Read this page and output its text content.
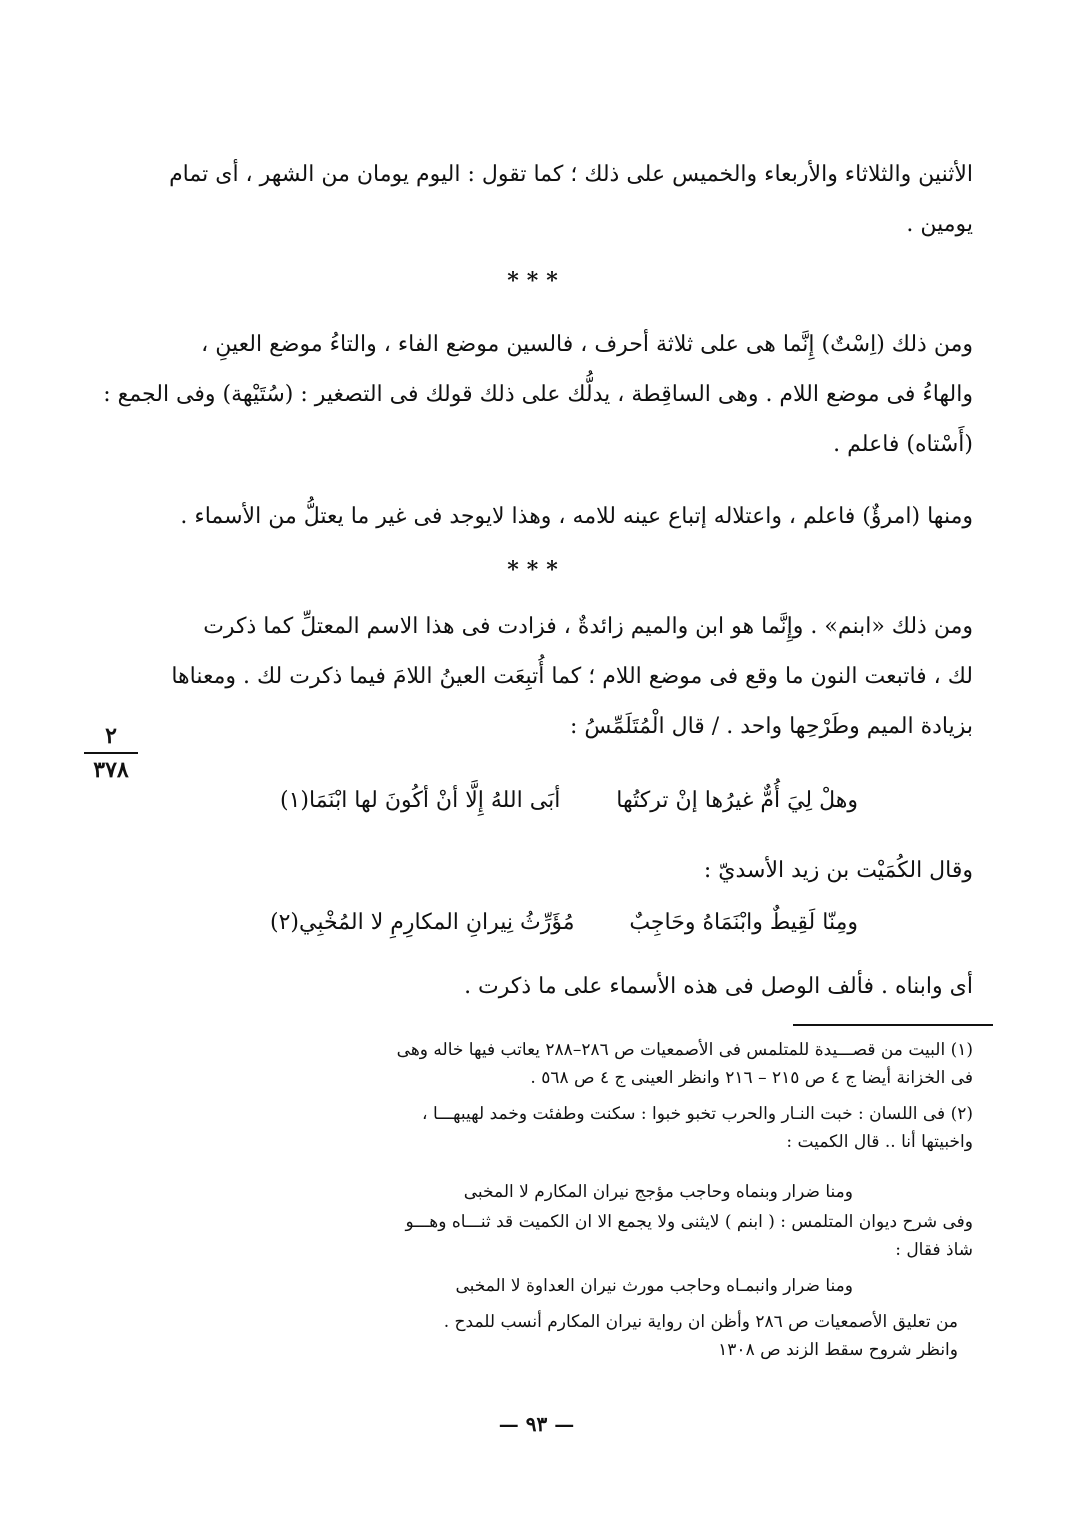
الأثنين والثلاثاء والأربعاء والخميس على ذلك ؛ كما تقول : اليوم يومان من الشهر ، أى تمام
يومين .
***
ومن ذلك (اِسْتٌ) إِنَّما هى على ثلاثة أحرف ، فالسين موضع الفاء ، والتاءُ موضع العينِ ،
والهاءُ فى موضع اللام . وهى الساقِطة ، يدلُّك على ذلك قولك فى التصغير : (سُتَيْهة) وفى الجمع :
(أَسْتاه) فاعلم .
ومنها (امرؤٌ) فاعلم ، واعتلاله إتباع عينه للامه ، وهذا لايوجد فى غير ما يعتلُّ من الأسماء .
***
ومن ذلك «ابنم» . وإِنَّما هو ابن والميم زائدةٌ ، فزادت فى هذا الاسم المعتلِّ كما ذكرت
لك ، فاتبعت النون ما وقع فى موضع اللام ؛ كما أُتبِعَت العينُ اللامَ فيما ذكرت لك . ومعناها
بزيادة الميم وطَرْحِها واحد . / قال الْمُتَلَمِّسُ :
٢
٣٧٨
وهلْ لِيَ أُمٌّ غيرُها إنْ تركتُها
أبَى اللهُ إِلَّا أنْ أكُونَ لها ابْنَمَا(١)
وقال الكُمَيْت بن زيد الأسديّ :
ومِنّا لَقِيطٌ وابْنَمَاهُ وحَاجِبٌ
مُؤَرِّثُ نِيرانِ المكارِمِ لا المُخْبِي(٢)
أى وابناه . فألف الوصل فى هذه الأسماء على ما ذكرت .
(١) البيت من قصـــيدة للمتلمس فى الأصمعيات ص ٢٨٦–٢٨٨ يعاتب فيها خاله وهى
فى الخزانة أيضا ج ٤ ص ٢١٥ – ٢١٦ وانظر العينى ج ٤ ص ٥٦٨ .
(٢) فى اللسان : خبت النـار والحرب تخبو خبوا : سكنت وطفئت وخمد لهيبهـــا ،
واخبيتها أنا .. قال الكميت :
ومنا ضرار وبنماه وحاجب مؤجج نيران المكارم لا المخبى
وفى شرح ديوان المتلمس : ( ابنم ) لايثنى ولا يجمع الا ان الكميت قد ثنـــاه وهـــو
شاذ فقال :
ومنا ضرار وانبمـاه وحاجب مورث نيران العداوة لا المخبى
من تعليق الأصمعيات ص ٢٨٦ وأظن ان رواية نيران المكارم أنسب للمدح .
وانظر شروح سقط الزند ص ١٣٠٨
— ٩٣ —
